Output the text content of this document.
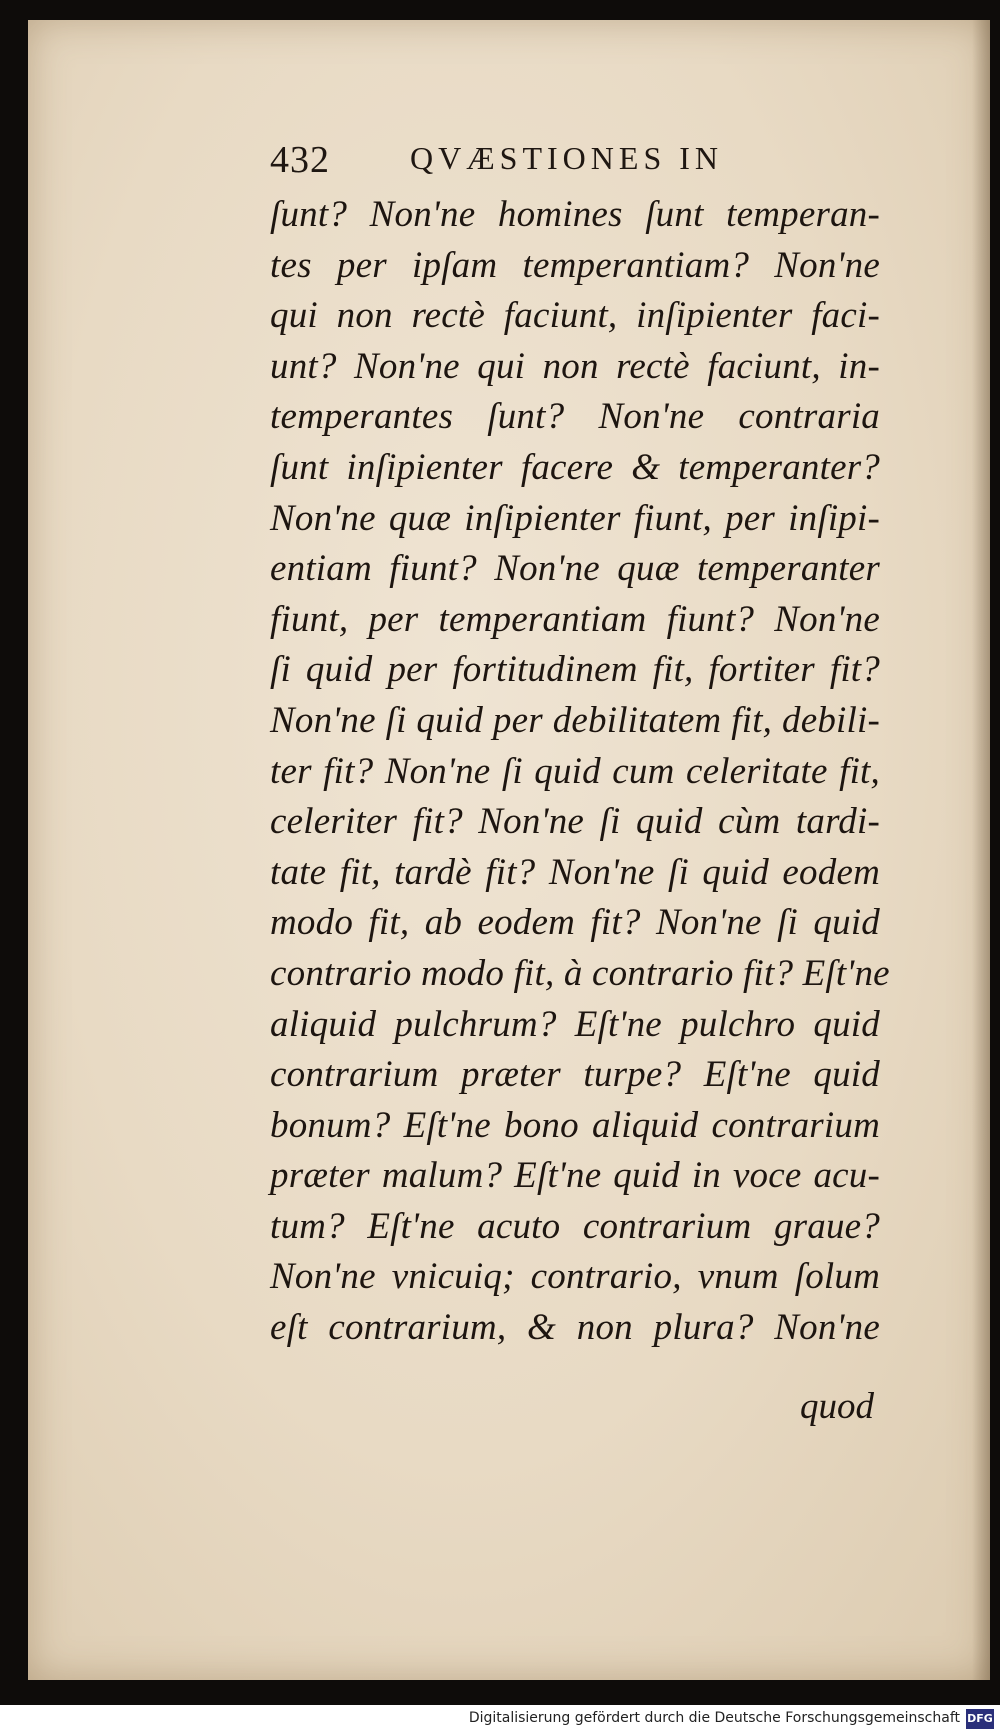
432	QVÆSTIONES IN
ſunt? Non'ne homines ſunt temperan-
tes per ipſam temperantiam? Non'ne
qui non rectè faciunt, inſipienter faci-
unt? Non'ne qui non rectè faciunt, in-
temperantes ſunt? Non'ne contraria
ſunt inſipienter facere & temperanter?
Non'ne quæ inſipienter fiunt, per inſipi-
entiam fiunt? Non'ne quæ temperanter
fiunt, per temperantiam fiunt? Non'ne
ſi quid per fortitudinem fit, fortiter fit?
Non'ne ſi quid per debilitatem fit, debili-
ter fit? Non'ne ſi quid cum celeritate fit,
celeriter fit? Non'ne ſi quid cùm tardi-
tate fit, tardè fit? Non'ne ſi quid eodem
modo fit, ab eodem fit? Non'ne ſi quid
contrario modo fit, à contrario fit? Eſt'ne
aliquid pulchrum? Eſt'ne pulchro quid
contrarium præter turpe? Eſt'ne quid
bonum? Eſt'ne bono aliquid contrarium
præter malum? Eſt'ne quid in voce acu-
tum? Eſt'ne acuto contrarium graue?
Non'ne vnicuiq; contrario, vnum ſolum
eſt contrarium, & non plura? Non'ne
quod
Digitalisierung gefördert durch die Deutsche Forschungsgemeinschaft DFG
